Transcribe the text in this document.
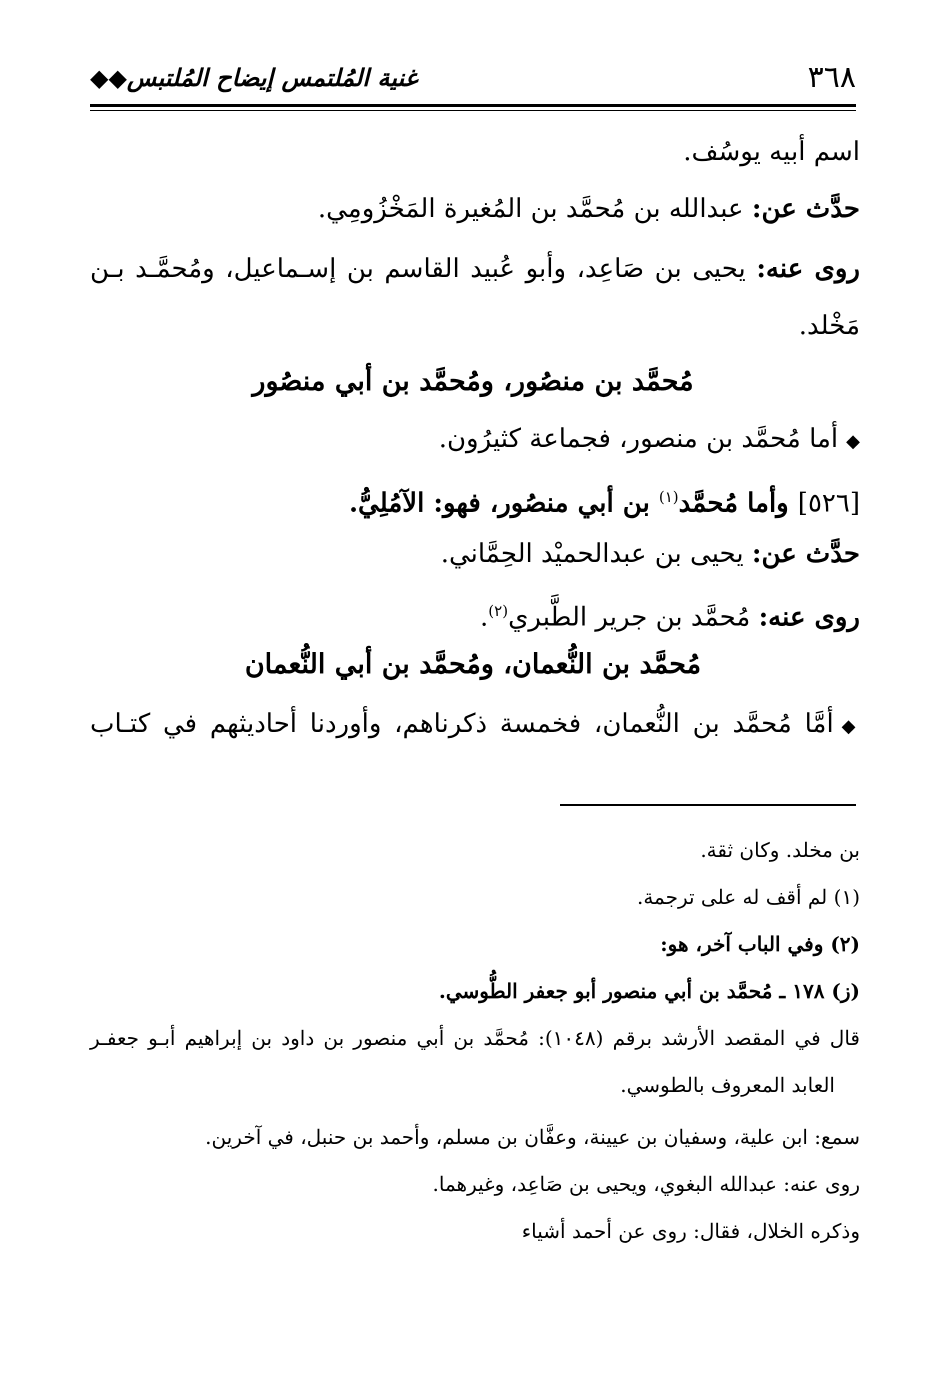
٣٦٨
غنية المُلتمس إيضاح المُلتبس◆◆
اسم أبيه يوسُف.
حدَّث عن: عبدالله بن مُحمَّد بن المُغيرة المَخْزُومِي.
روى عنه: يحيى بن صَاعِد، وأبو عُبيد القاسم بن إسـماعيل، ومُحمَّـد بـن
مَخْلد.
مُحمَّد بن منصُور، ومُحمَّد بن أبي منصُور
◆أما مُحمَّد بن منصور، فجماعة كثيرُون.
[٥٢٦] وأما مُحمَّد$^{(١)}$ بن أبي منصُور، فهو: الآمُلِيُّ.
حدَّث عن: يحيى بن عبدالحميْد الحِمَّاني.
روى عنه: مُحمَّد بن جرير الطَّبري$^{(٢)}$.
مُحمَّد بن النُّعمان، ومُحمَّد بن أبي النُّعمان
◆أمَّا مُحمَّد بن النُّعمان، فخمسة ذكرناهم، وأوردنا أحاديثهم في كتـاب
بن مخلد. وكان ثقة.
(١) لم أقف له على ترجمة.
(٢) وفي الباب آخر، هو:
(ز) ١٧٨ ـ مُحمَّد بن أبي منصور أبو جعفر الطُّوسي.
قال في المقصد الأرشد برقم (١٠٤٨): مُحمَّد بن أبي منصور بن داود بن إبراهيم أبـو جعفـر
العابد المعروف بالطوسي.
سمع: ابن علية، وسفيان بن عيينة، وعفَّان بن مسلم، وأحمد بن حنبل، في آخرين.
روى عنه: عبدالله البغوي، ويحيى بن صَاعِد، وغيرهما.
وذكره الخلال، فقال: روى عن أحمد أشياء
